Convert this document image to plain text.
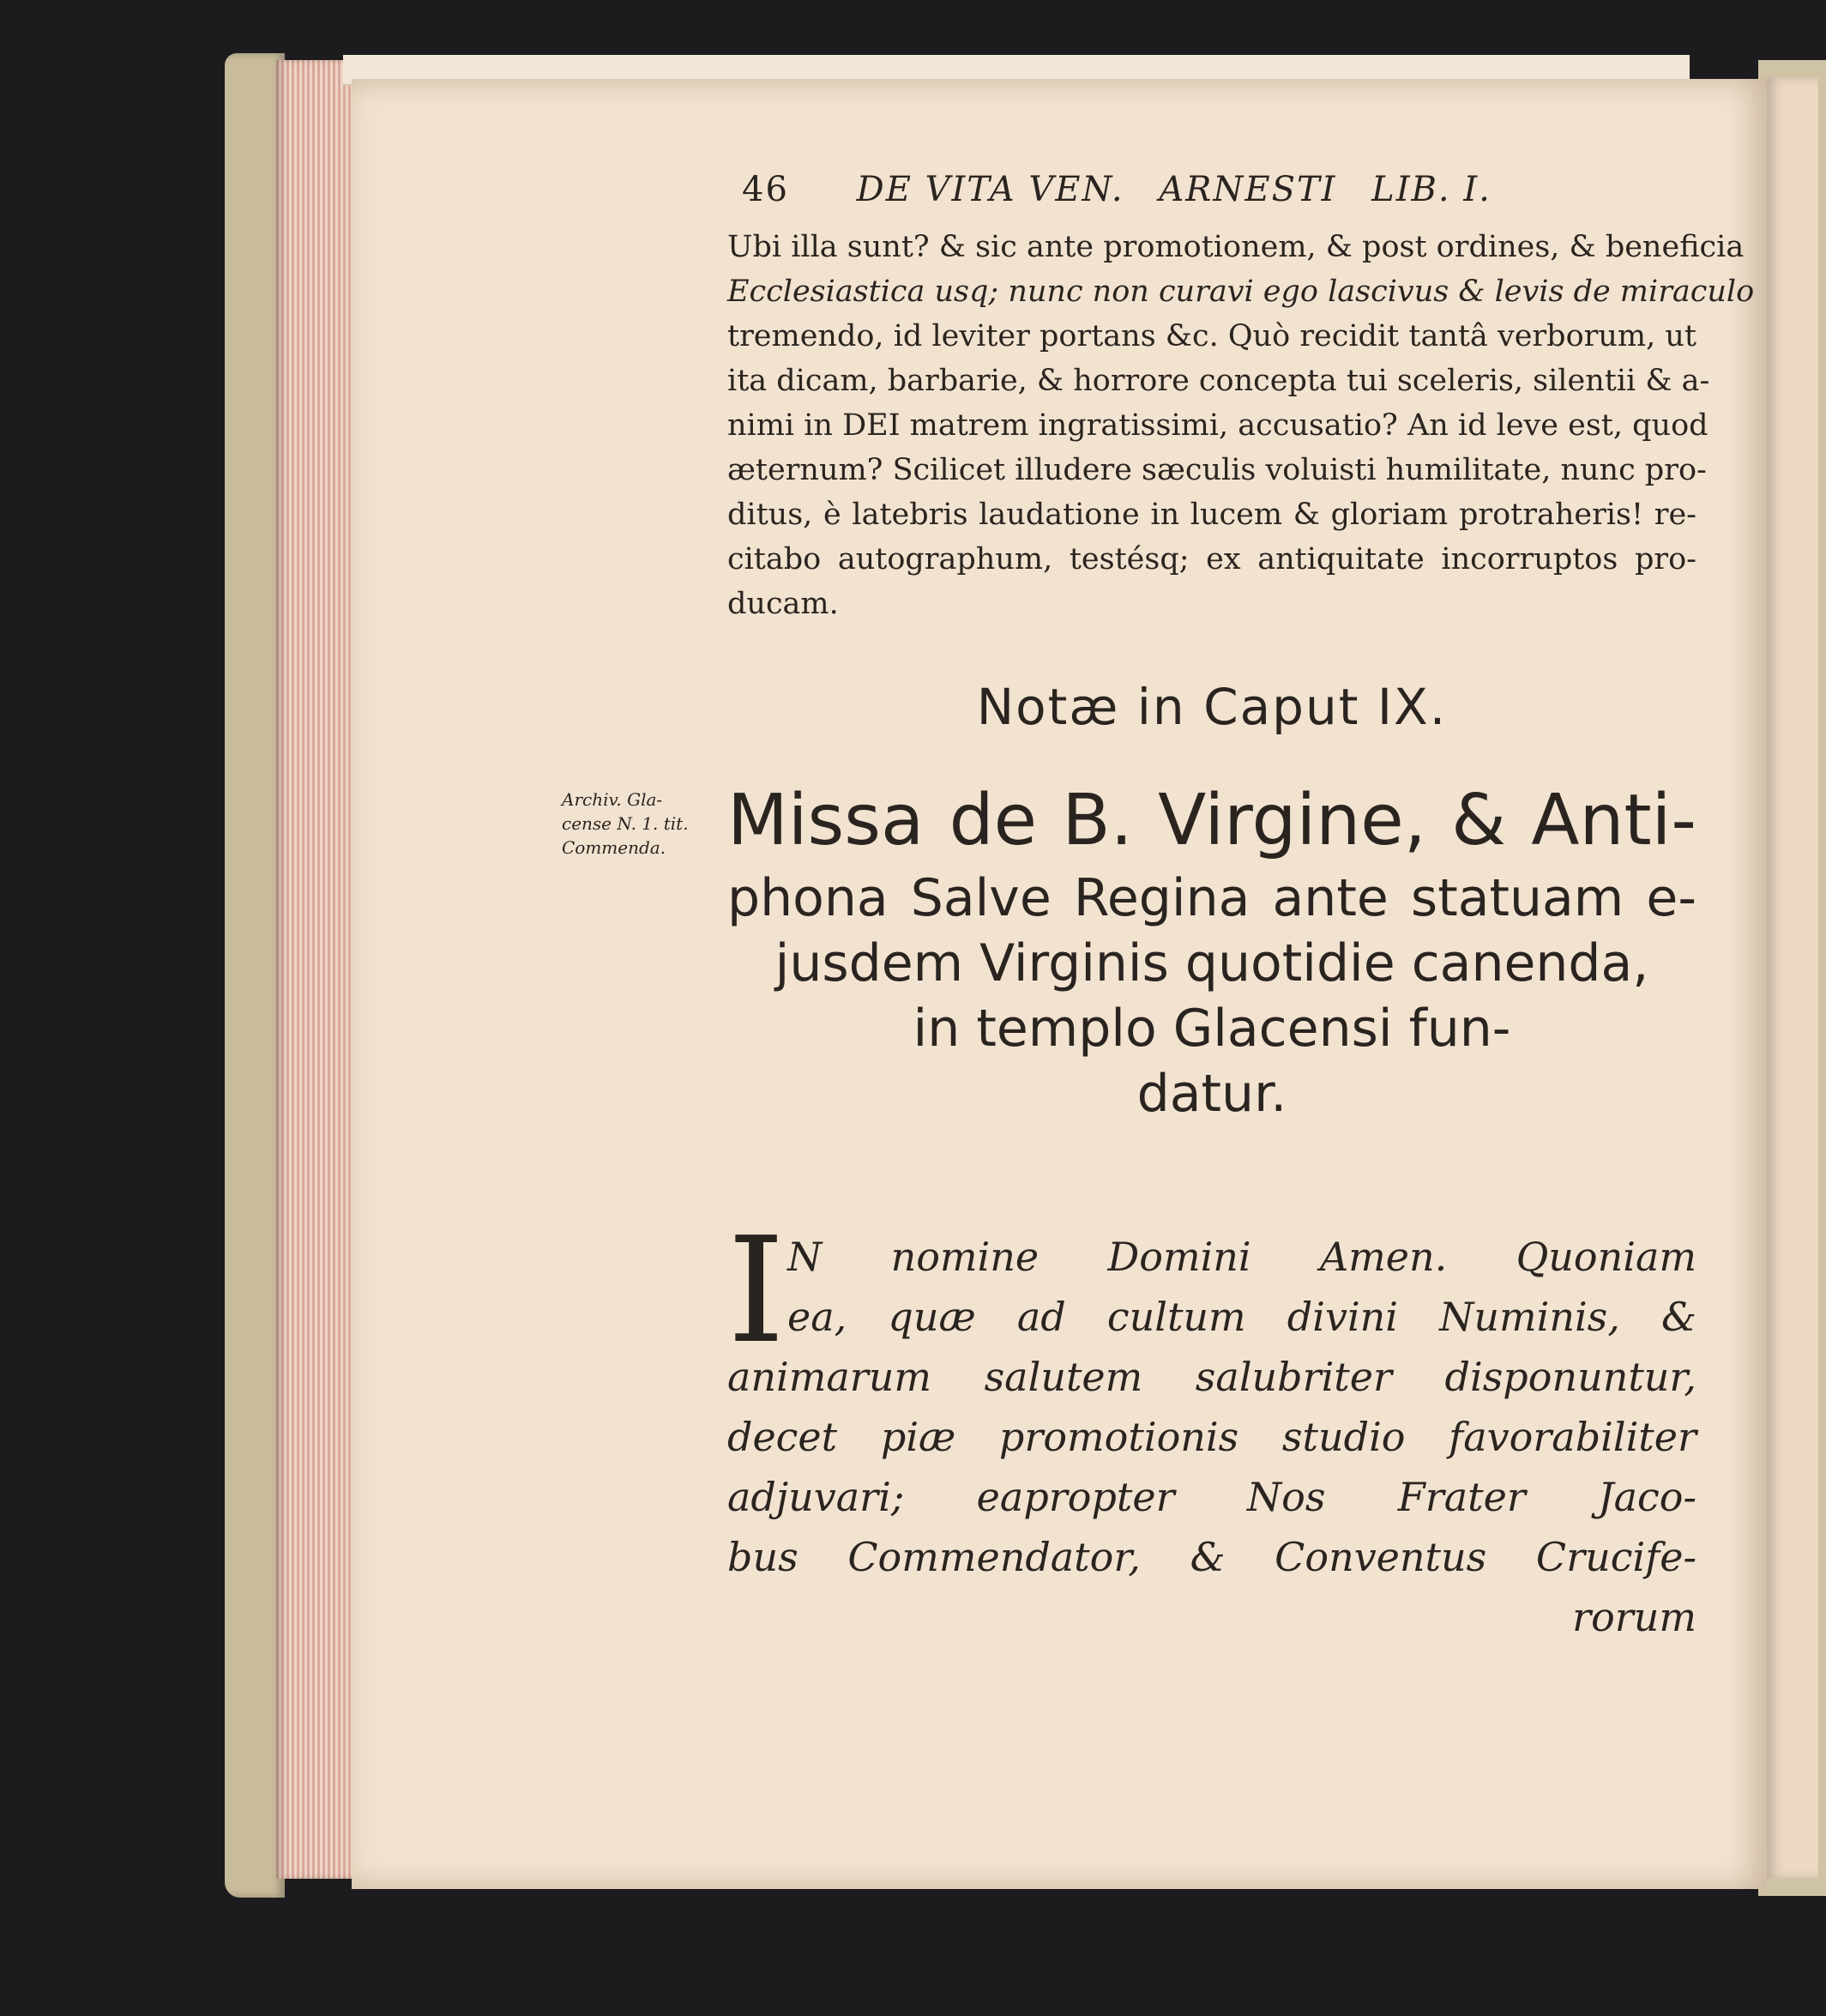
46 DE VITA VEN. ARNESTI LIB. I.
Ubi illa sunt? & sic ante promotionem, & post ordines, & beneficia
Ecclesiastica usq; nunc non curavi ego lascivus & levis de miraculo
tremendo, id leviter portans &c. Quò recidit tantâ verborum, ut
ita dicam, barbarie, & horrore concepta tui sceleris, silentii & a-
nimi in DEI matrem ingratissimi, accusatio? An id leve est, quod
æternum? Scilicet illudere sæculis voluisti humilitate, nunc pro-
ditus, è latebris laudatione in lucem & gloriam protraheris! re-
citabo autographum, testésq; ex antiquitate incorruptos pro-
ducam.
Notæ in Caput IX.
Archiv. Gla-
cense N. 1. tit.
Commenda. Missa de B. Virgine, & Anti-
phona Salve Regina ante statuam e-
jusdem Virginis quotidie canenda,
in templo Glacensi fun-
datur.
I N nomine Domini Amen. Quoniam
ea, quæ ad cultum divini Numinis, &
animarum salutem salubriter disponuntur,
decet piæ promotionis studio favorabiliter
adjuvari; eapropter Nos Frater Jaco-
bus Commendator, & Conventus Crucife-
rorum
